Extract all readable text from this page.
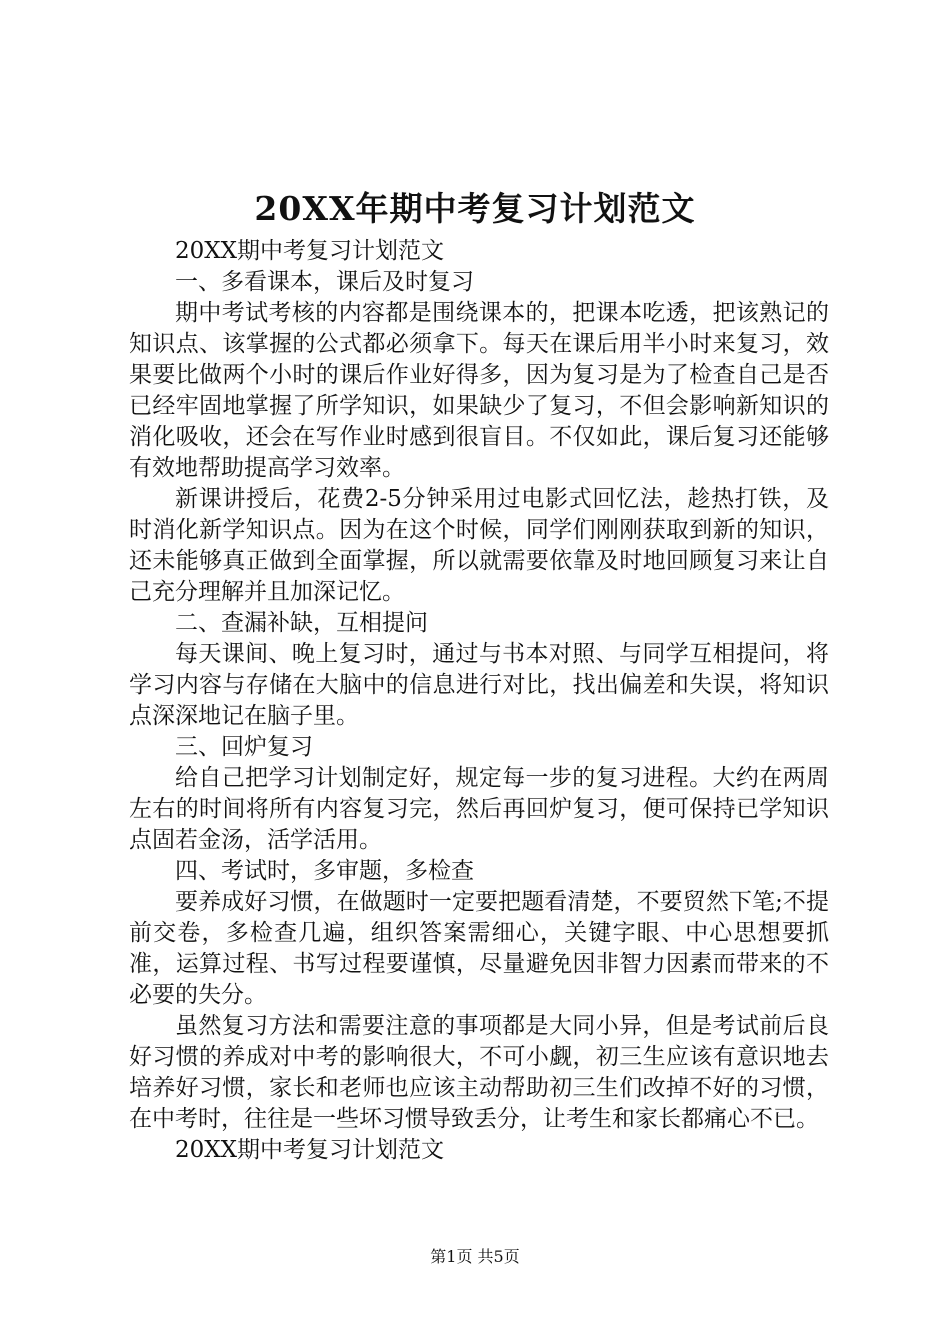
20XX年期中考复习计划范文

20XX期中考复习计划范文

一、多看课本，课后及时复习

期中考试考核的内容都是围绕课本的，把课本吃透，把该熟记的知识点、该掌握的公式都必须拿下。每天在课后用半小时来复习，效果要比做两个小时的课后作业好得多，因为复习是为了检查自己是否已经牢固地掌握了所学知识，如果缺少了复习，不但会影响新知识的消化吸收，还会在写作业时感到很盲目。不仅如此，课后复习还能够有效地帮助提高学习效率。

新课讲授后，花费2-5分钟采用过电影式回忆法，趁热打铁，及时消化新学知识点。因为在这个时候，同学们刚刚获取到新的知识，还未能够真正做到全面掌握，所以就需要依靠及时地回顾复习来让自己充分理解并且加深记忆。

二、查漏补缺，互相提问

每天课间、晚上复习时，通过与书本对照、与同学互相提问，将学习内容与存储在大脑中的信息进行对比，找出偏差和失误，将知识点深深地记在脑子里。

三、回炉复习

给自己把学习计划制定好，规定每一步的复习进程。大约在两周左右的时间将所有内容复习完，然后再回炉复习，便可保持已学知识点固若金汤，活学活用。

四、考试时，多审题，多检查

要养成好习惯，在做题时一定要把题看清楚，不要贸然下笔;不提前交卷，多检查几遍，组织答案需细心，关键字眼、中心思想要抓准，运算过程、书写过程要谨慎，尽量避免因非智力因素而带来的不必要的失分。

虽然复习方法和需要注意的事项都是大同小异，但是考试前后良好习惯的养成对中考的影响很大，不可小觑，初三生应该有意识地去培养好习惯，家长和老师也应该主动帮助初三生们改掉不好的习惯，在中考时，往往是一些坏习惯导致丢分，让考生和家长都痛心不已。

20XX期中考复习计划范文

第1页 共5页
